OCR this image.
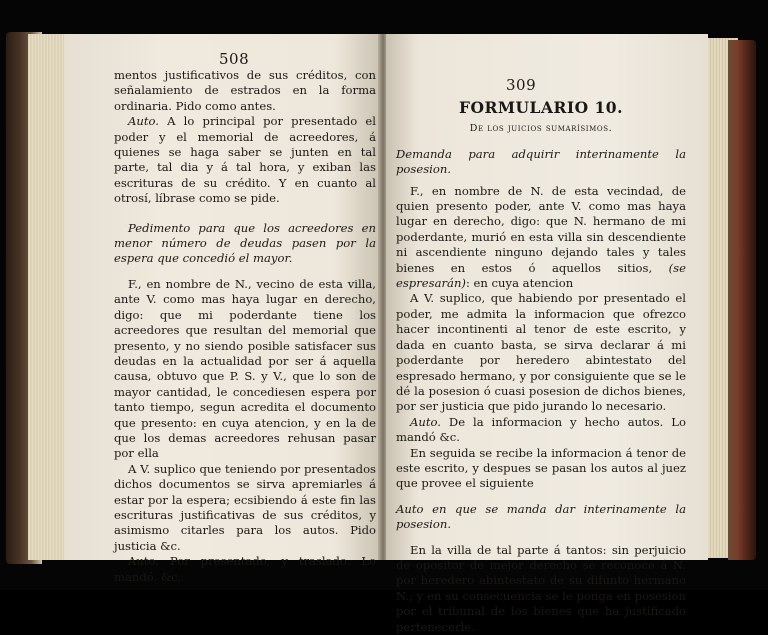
508

mentos justificativos de sus créditos, con señalamiento de estrados en la forma ordinaria. Pido como antes.

Auto. A lo principal por presentado el poder y el memorial de acreedores, á quienes se haga saber se junten en tal parte, tal dia y á tal hora, y exiban las escrituras de su crédito. Y en cuanto al otrosí, líbrase como se pide.

Pedimento para que los acreedores en menor número de deudas pasen por la espera que concedió el mayor.

F., en nombre de N., vecino de esta villa, ante V. como mas haya lugar en derecho, digo: que mi poderdante tiene los acreedores que resultan del memorial que presento, y no siendo posible satisfacer sus deudas en la actualidad por ser á aquella causa, obtuvo que P. S. y V., que lo son de mayor cantidad, le concediesen espera por tanto tiempo, segun acredita el documento que presento: en cuya atencion, y en la de que los demas acreedores rehusan pasar por ella

A V. suplico que teniendo por presentados dichos documentos se sirva apremiarles á estar por la espera; ecsibiendo á este fin las escrituras justificativas de sus créditos, y asimismo citarles para los autos. Pido justicia &c.

Auto. Por presentado, y traslado. Lo mandó. &c.

309

FORMULARIO 10.

De los juicios sumarísimos.

Demanda para adquirir interinamente la posesion.

F., en nombre de N. de esta vecindad, de quien presento poder, ante V. como mas haya lugar en derecho, digo: que N. hermano de mi poderdante, murió en esta villa sin descendiente ni ascendiente ninguno dejando tales y tales bienes en estos ó aquellos sitios, (se espresarán): en cuya atencion

A V. suplico, que habiendo por presentado el poder, me admita la informacion que ofrezco hacer incontinenti al tenor de este escrito, y dada en cuanto basta, se sirva declarar á mi poderdante por heredero abintestato del espresado hermano, y por consiguiente que se le dé la posesion ó cuasi posesion de dichos bienes, por ser justicia que pido jurando lo necesario.

Auto. De la informacion y hecho autos. Lo mandó &c.

En seguida se recibe la informacion á tenor de este escrito, y despues se pasan los autos al juez que provee el siguiente

Auto en que se manda dar interinamente la posesion.

En la villa de tal parte á tantos: sin perjuicio de opositor de mejor derecho se reconoce á N. por heredero abintestato de su difunto hermano N.; y en su consecuencia se le ponga en posesion por el tribunal de los bienes que ha justificado pertenecerle.
